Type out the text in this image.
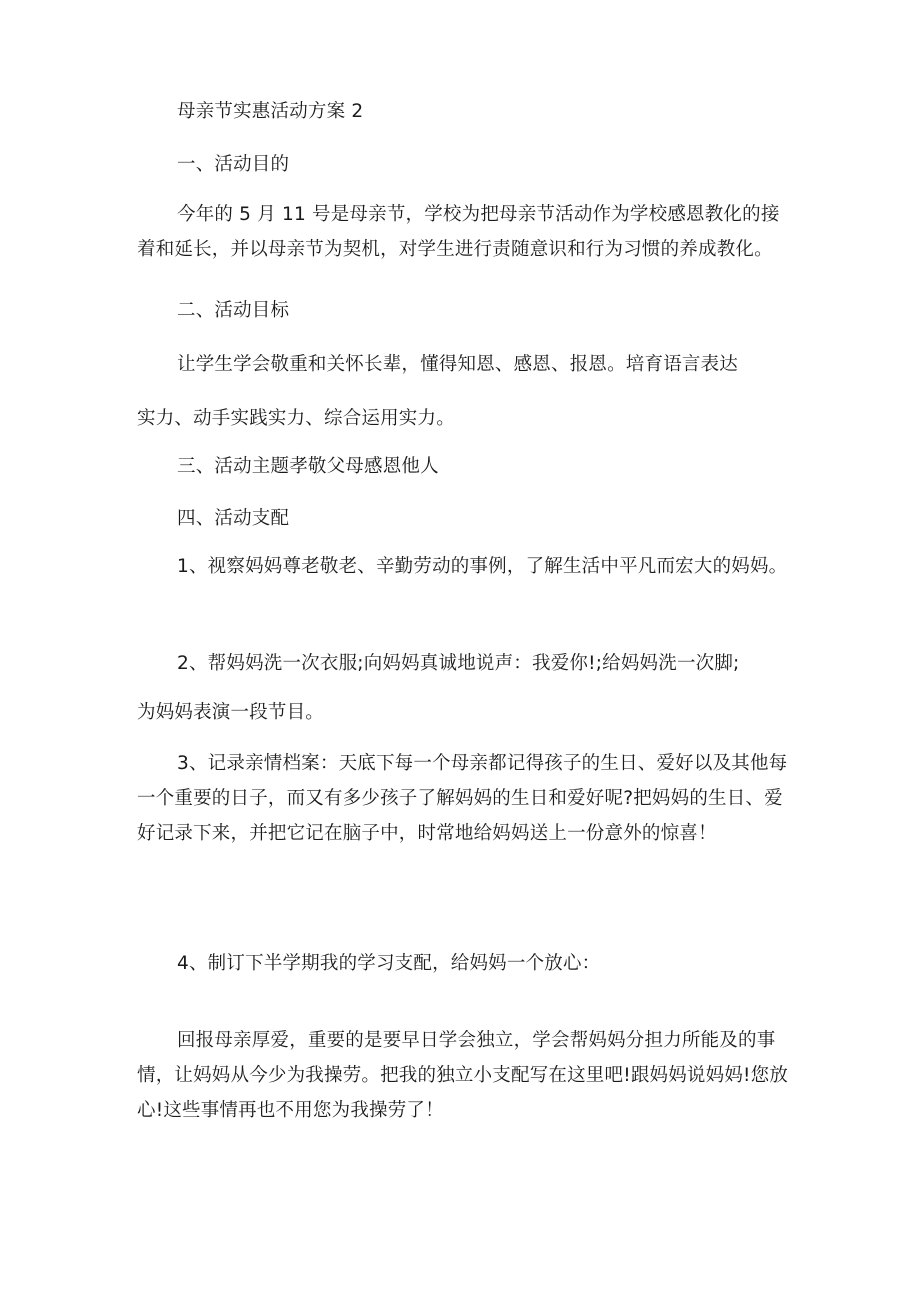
母亲节实惠活动方案 2
一、活动目的
今年的 5 月 11 号是母亲节，学校为把母亲节活动作为学校感恩教化的接着和延长，并以母亲节为契机，对学生进行责随意识和行为习惯的养成教化。
二、活动目标
让学生学会敬重和关怀长辈，懂得知恩、感恩、报恩。培育语言表达
实力、动手实践实力、综合运用实力。
三、活动主题孝敬父母感恩他人
四、活动支配
1、视察妈妈尊老敬老、辛勤劳动的事例，了解生活中平凡而宏大的妈妈。
2、帮妈妈洗一次衣服;向妈妈真诚地说声：我爱你!;给妈妈洗一次脚;
为妈妈表演一段节目。
3、记录亲情档案：天底下每一个母亲都记得孩子的生日、爱好以及其他每一个重要的日子，而又有多少孩子了解妈妈的生日和爱好呢?把妈妈的生日、爱好记录下来，并把它记在脑子中，时常地给妈妈送上一份意外的惊喜！
4、制订下半学期我的学习支配，给妈妈一个放心：
回报母亲厚爱，重要的是要早日学会独立，学会帮妈妈分担力所能及的事情，让妈妈从今少为我操劳。把我的独立小支配写在这里吧!跟妈妈说妈妈!您放心!这些事情再也不用您为我操劳了！
